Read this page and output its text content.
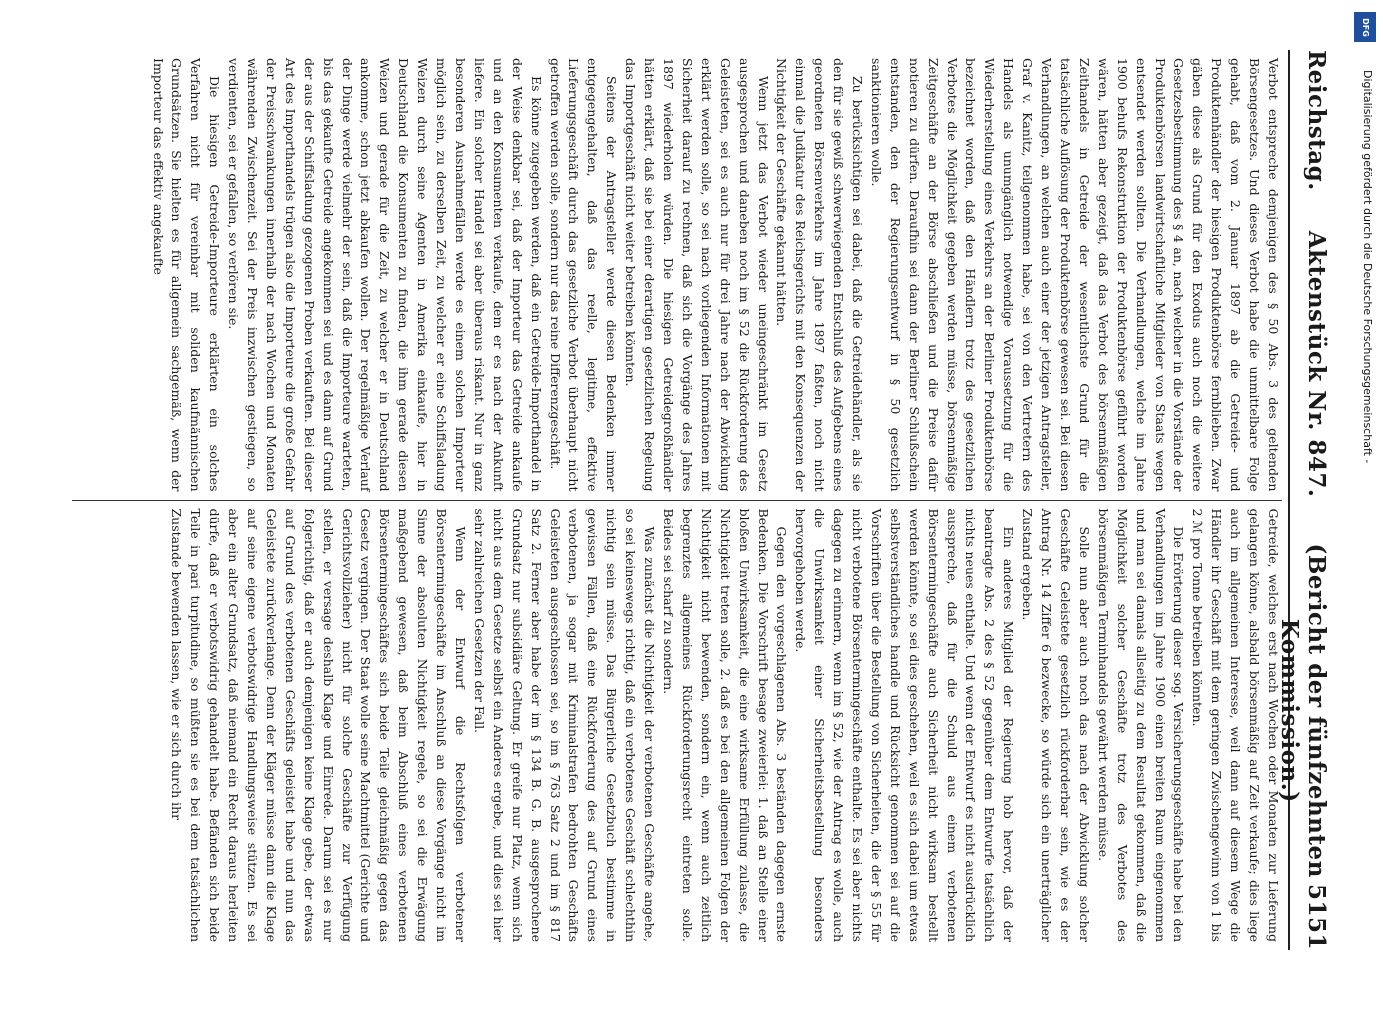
Reichstag.
Aktenstück Nr. 847.
(Bericht der fünfzehnten Kommission.)
5151

Verbot entspreche demjenigen des § 50 Abs. 3 des geltenden Börsengesetzes. Und dieses Verbot habe die unmittelbare Folge gehabt, daß vom 2. Januar 1897 ab die Getreide- und Produktenhändler der hiesigen Produktenbörse fernblieben. Zwar gäben diese als Grund für den Exodus auch noch die weitere Gesetzesbestimmung des § 4 an, nach welcher in die Vorstände der Produktenbörsen landwirtschaftliche Mitglieder von Staats wegen entsendet werden sollten. Die Verhandlungen, welche im Jahre 1900 behufs Rekonstruktion der Produktenbörse geführt worden wären, hätten aber gezeigt, daß das Verbot des börsenmäßigen Zeithandels in Getreide der wesentlichste Grund für die tatsächliche Auflösung der Produktenbörse gewesen sei. Bei diesen Verhandlungen, an welchen auch einer der jetzigen Antragsteller, Graf v. Kanitz, teilgenommen habe, sei von den Vertretern des Handels als unumgänglich notwendige Voraussetzung für die Wiederherstellung eines Verkehrs an der Berliner Produktenbörse bezeichnet worden, daß den Händlern trotz des gesetzlichen Verbotes die Möglichkeit gegeben werden müsse, börsenmäßige Zeitgeschäfte an der Börse abschließen und die Preise dafür notieren zu dürfen. Daraufhin sei dann der Berliner Schlußschein entstanden, den der Regierungsentwurf in § 50 gesetzlich sanktionieren wolle.

Zu berücksichtigen sei dabei, daß die Getreidehändler, als sie den für sie gewiß schwerwiegenden Entschluß des Aufgebens eines geordneten Börsenverkehrs im Jahre 1897 faßten, noch nicht einmal die Judikatur des Reichsgerichts mit den Konsequenzen der Nichtigkeit der Geschäfte gekannt hätten.

Wenn jetzt das Verbot wieder uneingeschränkt im Gesetz ausgesprochen und daneben noch im § 52 die Rückforderung des Geleisteten, sei es auch nur für drei Jahre nach der Abwicklung erklärt werden solle, so sei nach vorliegenden Informationen mit Sicherheit darauf zu rechnen, daß sich die Vorgänge des Jahres 1897 wiederholen würden. Die hiesigen Getreidegroßhändler hätten erklärt, daß sie bei einer derartigen gesetzlichen Regelung das Importgeschäft nicht weiter betreiben könnten.

Seitens der Antragsteller werde diesen Bedenken immer entgegengehalten, daß das reelle, legitime, effektive Lieferungsgeschäft durch das gesetzliche Verbot überhaupt nicht getroffen werden solle, sondern nur das reine Differenzgeschäft.

Es könne zugegeben werden, daß ein Getreide-Importhandel in der Weise denkbar sei, daß der Importeur das Getreide ankaufe und an den Konsumenten verkaufe, dem er es nach der Ankunft liefere. Ein solcher Handel sei aber überaus riskant. Nur in ganz besonderen Ausnahmefällen werde es einem solchen Importeur möglich sein, zu derselben Zeit, zu welcher er eine Schiffsladung Weizen durch seine Agenten in Amerika einkaufe, hier in Deutschland die Konsumenten zu finden, die ihm gerade diesen Weizen und gerade für die Zeit, zu welcher er in Deutschland ankomme, schon jetzt abkaufen wollen. Der regelmäßige Verlauf der Dinge werde vielmehr der sein, daß die Importeure warteten, bis das gekaufte Getreide angekommen sei und es dann auf Grund der aus der Schiffsladung gezogenen Proben verkauften. Bei dieser Art des Importhandels trügen also die Importeure die große Gefahr der Preisschwankungen innerhalb der nach Wochen und Monaten währenden Zwischenzeit. Sei der Preis inzwischen gestiegen, so verdienten, sei er gefallen, so verlören sie.

Die hiesigen Getreide-Importeure erklärten ein solches Verfahren nicht für vereinbar mit soliden kaufmännischen Grundsätzen. Sie hielten es für allgemein sachgemäß, wenn der Importeur das effektiv angekaufte

Getreide, welches erst nach Wochen oder Monaten zur Lieferung gelangen könne, alsbald börsenmäßig auf Zeit verkaufe; dies liege auch im allgemeinen Interesse, weil dann auf diesem Wege die Händler ihr Geschäft mit dem geringen Zwischengewinn von 1 bis 2 ℳ pro Tonne betreiben könnten.

Die Erörterung dieser sog. Versicherungsgeschäfte habe bei den Verhandlungen im Jahre 1900 einen breiten Raum eingenommen und man sei damals allseitig zu dem Resultat gekommen, daß die Möglichkeit solcher Geschäfte trotz des Verbotes des börsenmäßigen Terminhandels gewährt werden müsse.

Solle nun aber auch noch das nach der Abwicklung solcher Geschäfte Geleistete gesetzlich rückforderbar sein, wie es der Antrag Nr. 14 Ziffer 6 bezwecke, so würde sich ein unerträglicher Zustand ergeben.

Ein anderes Mitglied der Regierung hob hervor, daß der beantragte Abs. 2 des § 52 gegenüber dem Entwurfe tatsächlich nichts neues enthalte. Und wenn der Entwurf es nicht ausdrücklich ausspreche, daß für die Schuld aus einem verbotenen Börsentermingeschäfte auch Sicherheit nicht wirksam bestellt werden könnte, so sei dies geschehen, weil es sich dabei um etwas selbstverständliches handle und Rücksicht genommen sei auf die Vorschriften über die Bestellung von Sicherheiten, die der § 55 für nicht verbotene Börsentermingeschäfte enthalte. Es sei aber nichts dagegen zu erinnern, wenn im § 52, wie der Antrag es wolle, auch die Unwirksamkeit einer Sicherheitsbestellung besonders hervorgehoben werde.

Gegen den vorgeschlagenen Abs. 3 beständen dagegen ernste Bedenken. Die Vorschrift besage zweierlei: 1. daß an Stelle einer bloßen Unwirksamkeit, die eine wirksame Erfüllung zulasse, die Nichtigkeit treten solle, 2. daß es bei den allgemeinen Folgen der Nichtigkeit nicht bewenden, sondern ein, wenn auch zeitlich begrenztes allgemeines Rückforderungsrecht eintreten solle. Beides sei scharf zu sondern.

Was zunächst die Nichtigkeit der verbotenen Geschäfte angehe, so sei keineswegs richtig, daß ein verbotenes Geschäft schlechthin nichtig sein müsse. Das Bürgerliche Gesetzbuch bestimme in gewissen Fällen, daß eine Rückforderung des auf Grund eines verbotenen, ja sogar mit Kriminalstrafen bedrohten Geschäfts Geleisteten ausgeschlossen sei, so im § 763 Satz 2 und im § 817 Satz 2. Ferner aber habe der im § 134 B. G. B. ausgesprochene Grundsatz nur subsidiäre Geltung. Er greife nur Platz, wenn sich nicht aus dem Gesetze selbst ein Anderes ergebe, und dies sei hier sehr zahlreichen Gesetzen der Fall.

Wenn der Entwurf die Rechtsfolgen verbotener Börsentermingeschäfte im Anschluß an diese Vorgänge nicht im Sinne der absoluten Nichtigkeit regele, so sei die Erwägung maßgebend gewesen, daß beim Abschluß eines verbotenen Börsentermingeschäftes sich beide Teile gleichmäßig gegen das Gesetz vergingen. Der Staat wolle seine Machtmittel (Gerichte und Gerichtsvollzieher) nicht für solche Geschäfte zur Verfügung stellen, er versage deshalb Klage und Einrede. Darum sei es nur folgerichtig, daß er auch demjenigen keine Klage gebe, der etwas auf Grund des verbotenen Geschäfts geleistet habe und nun das Geleistete zurückverlange. Denn der Kläger müsse dann die Klage auf seine eigene verbotswidrige Handlungsweise stützen. Es sei aber ein alter Grundsatz, daß niemand ein Recht daraus herleiten dürfe, daß er verbotswidrig gehandelt habe. Befänden sich beide Teile in pari turpitudine, so müßten sie es bei dem tatsächlichen Zustande bewenden lassen, wie er sich durch ihr

DFG
Digitalisierung gefördert durch die Deutsche Forschungsgemeinschaft -
